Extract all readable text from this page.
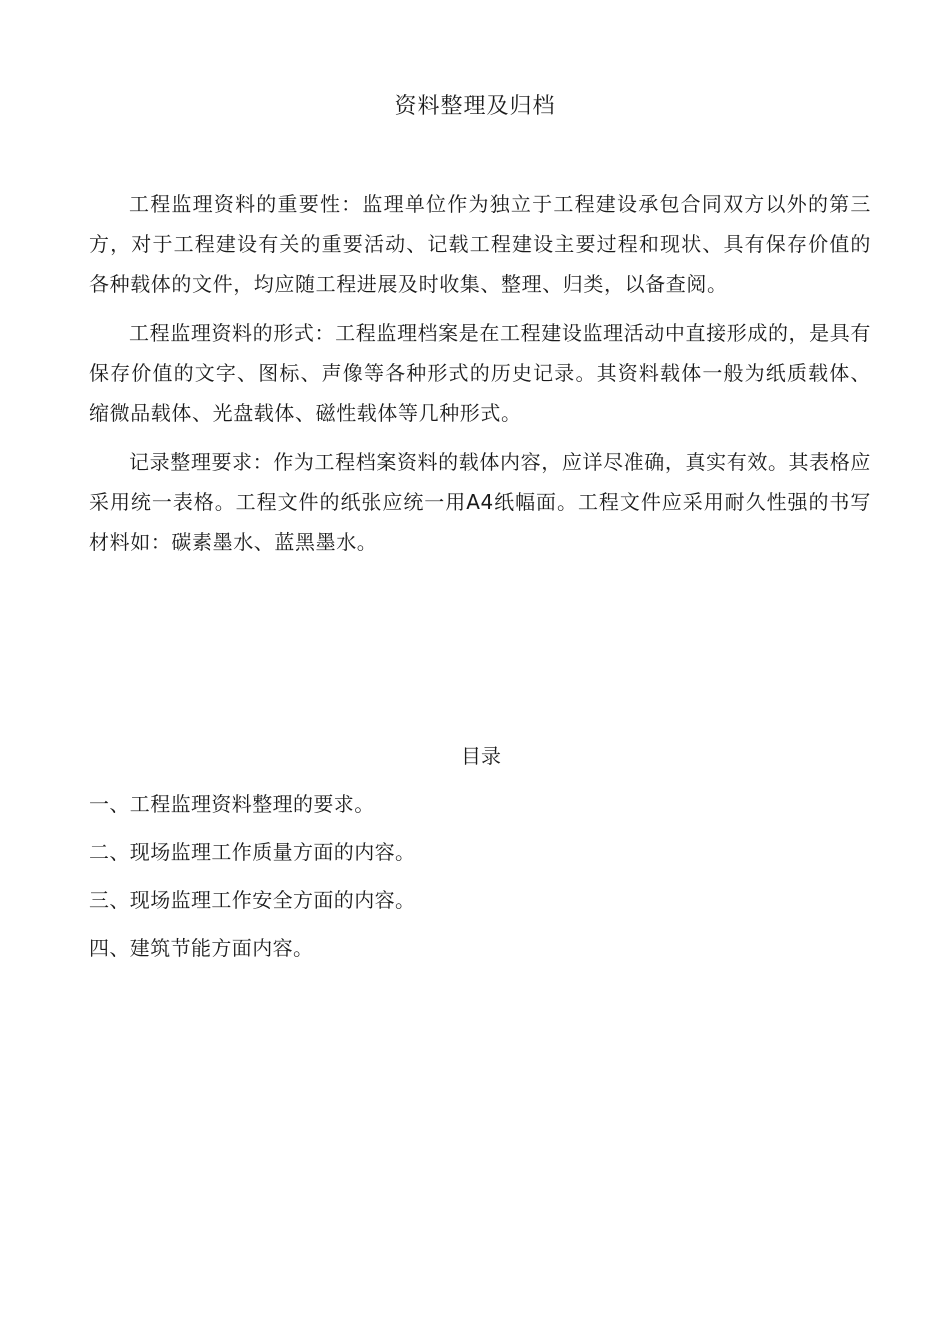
资料整理及归档

工程监理资料的重要性：监理单位作为独立于工程建设承包合同双方以外的第三方，对于工程建设有关的重要活动、记载工程建设主要过程和现状、具有保存价值的各种载体的文件，均应随工程进展及时收集、整理、归类，以备查阅。

工程监理资料的形式：工程监理档案是在工程建设监理活动中直接形成的，是具有保存价值的文字、图标、声像等各种形式的历史记录。其资料载体一般为纸质载体、缩微品载体、光盘载体、磁性载体等几种形式。

记录整理要求：作为工程档案资料的载体内容，应详尽准确，真实有效。其表格应采用统一表格。工程文件的纸张应统一用A4纸幅面。工程文件应采用耐久性强的书写材料如：碳素墨水、蓝黑墨水。

目录
一、工程监理资料整理的要求。
二、现场监理工作质量方面的内容。
三、现场监理工作安全方面的内容。
四、建筑节能方面内容。
